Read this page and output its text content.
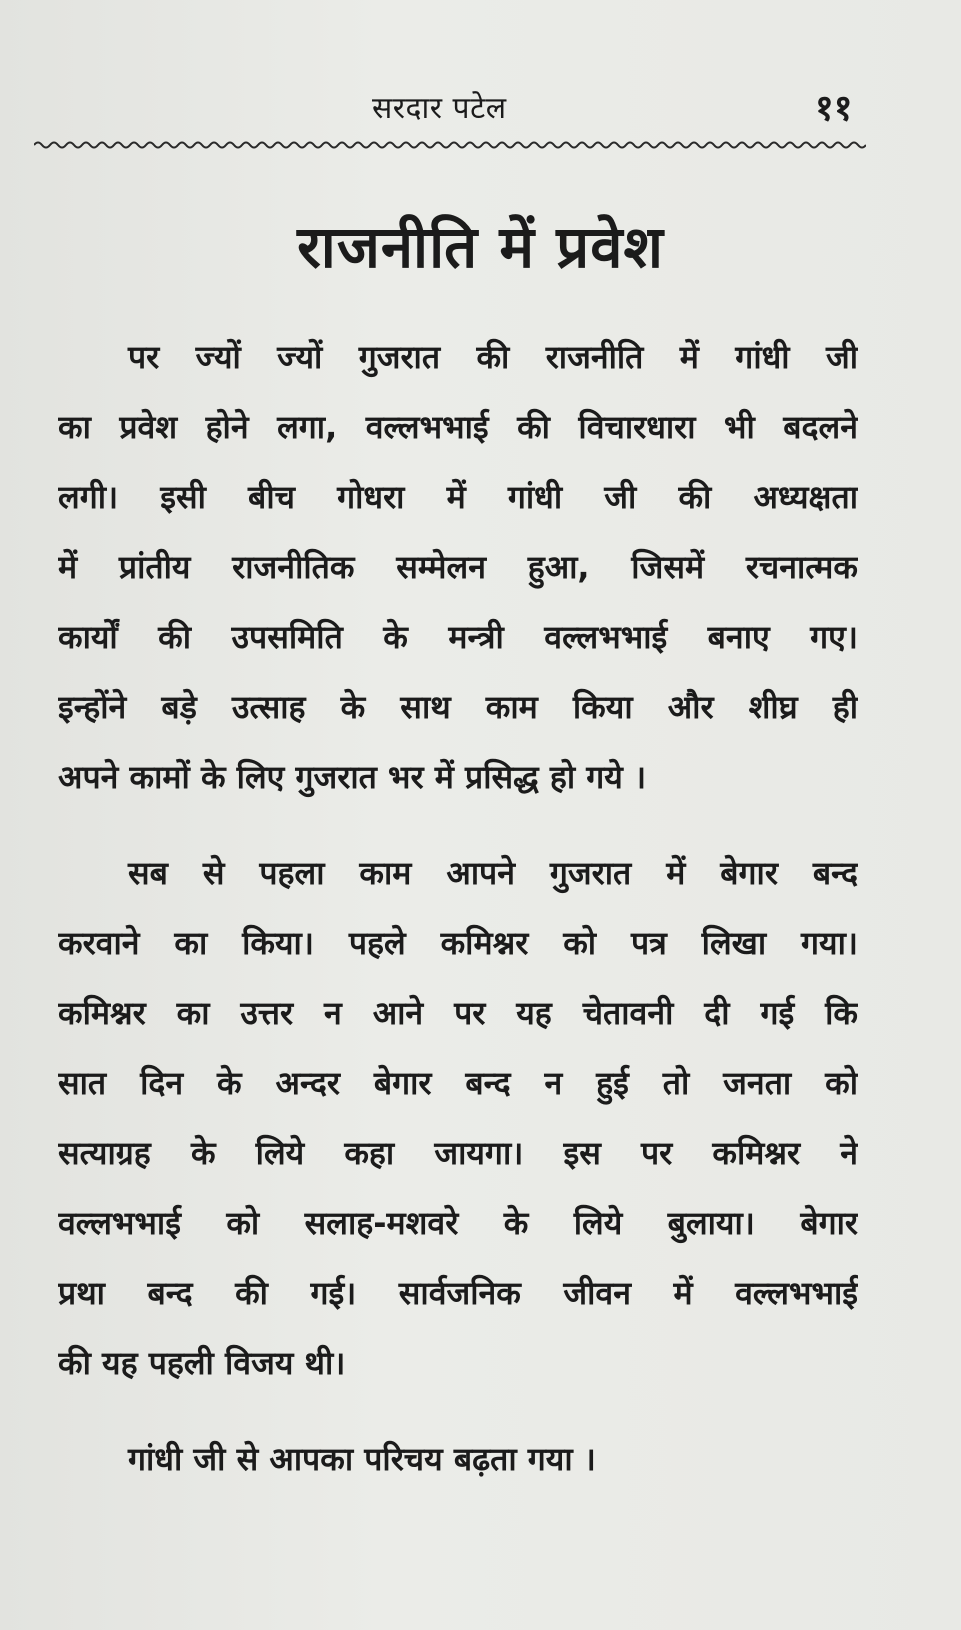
सरदार पटेल	११
राजनीति में प्रवेश
पर ज्यों ज्यों गुजरात की राजनीति में गांधी जी
का प्रवेश होने लगा, वल्लभभाई की विचारधारा भी बदलने
लगी। इसी बीच गोधरा में गांधी जी की अध्यक्षता
में प्रांतीय राजनीतिक सम्मेलन हुआ, जिसमें रचनात्मक
कार्यों की उपसमिति के मन्त्री वल्लभभाई बनाए गए।
इन्होंने बड़े उत्साह के साथ काम किया और शीघ्र ही
अपने कामों के लिए गुजरात भर में प्रसिद्ध हो गये ।
सब से पहला काम आपने गुजरात में बेगार बन्द
करवाने का किया। पहले कमिश्नर को पत्र लिखा गया।
कमिश्नर का उत्तर न आने पर यह चेतावनी दी गई कि
सात दिन के अन्दर बेगार बन्द न हुई तो जनता को
सत्याग्रह के लिये कहा जायगा। इस पर कमिश्नर ने
वल्लभभाई को सलाह-मशवरे के लिये बुलाया। बेगार
प्रथा बन्द की गई। सार्वजनिक जीवन में वल्लभभाई
की यह पहली विजय थी।
गांधी जी से आपका परिचय बढ़ता गया ।
